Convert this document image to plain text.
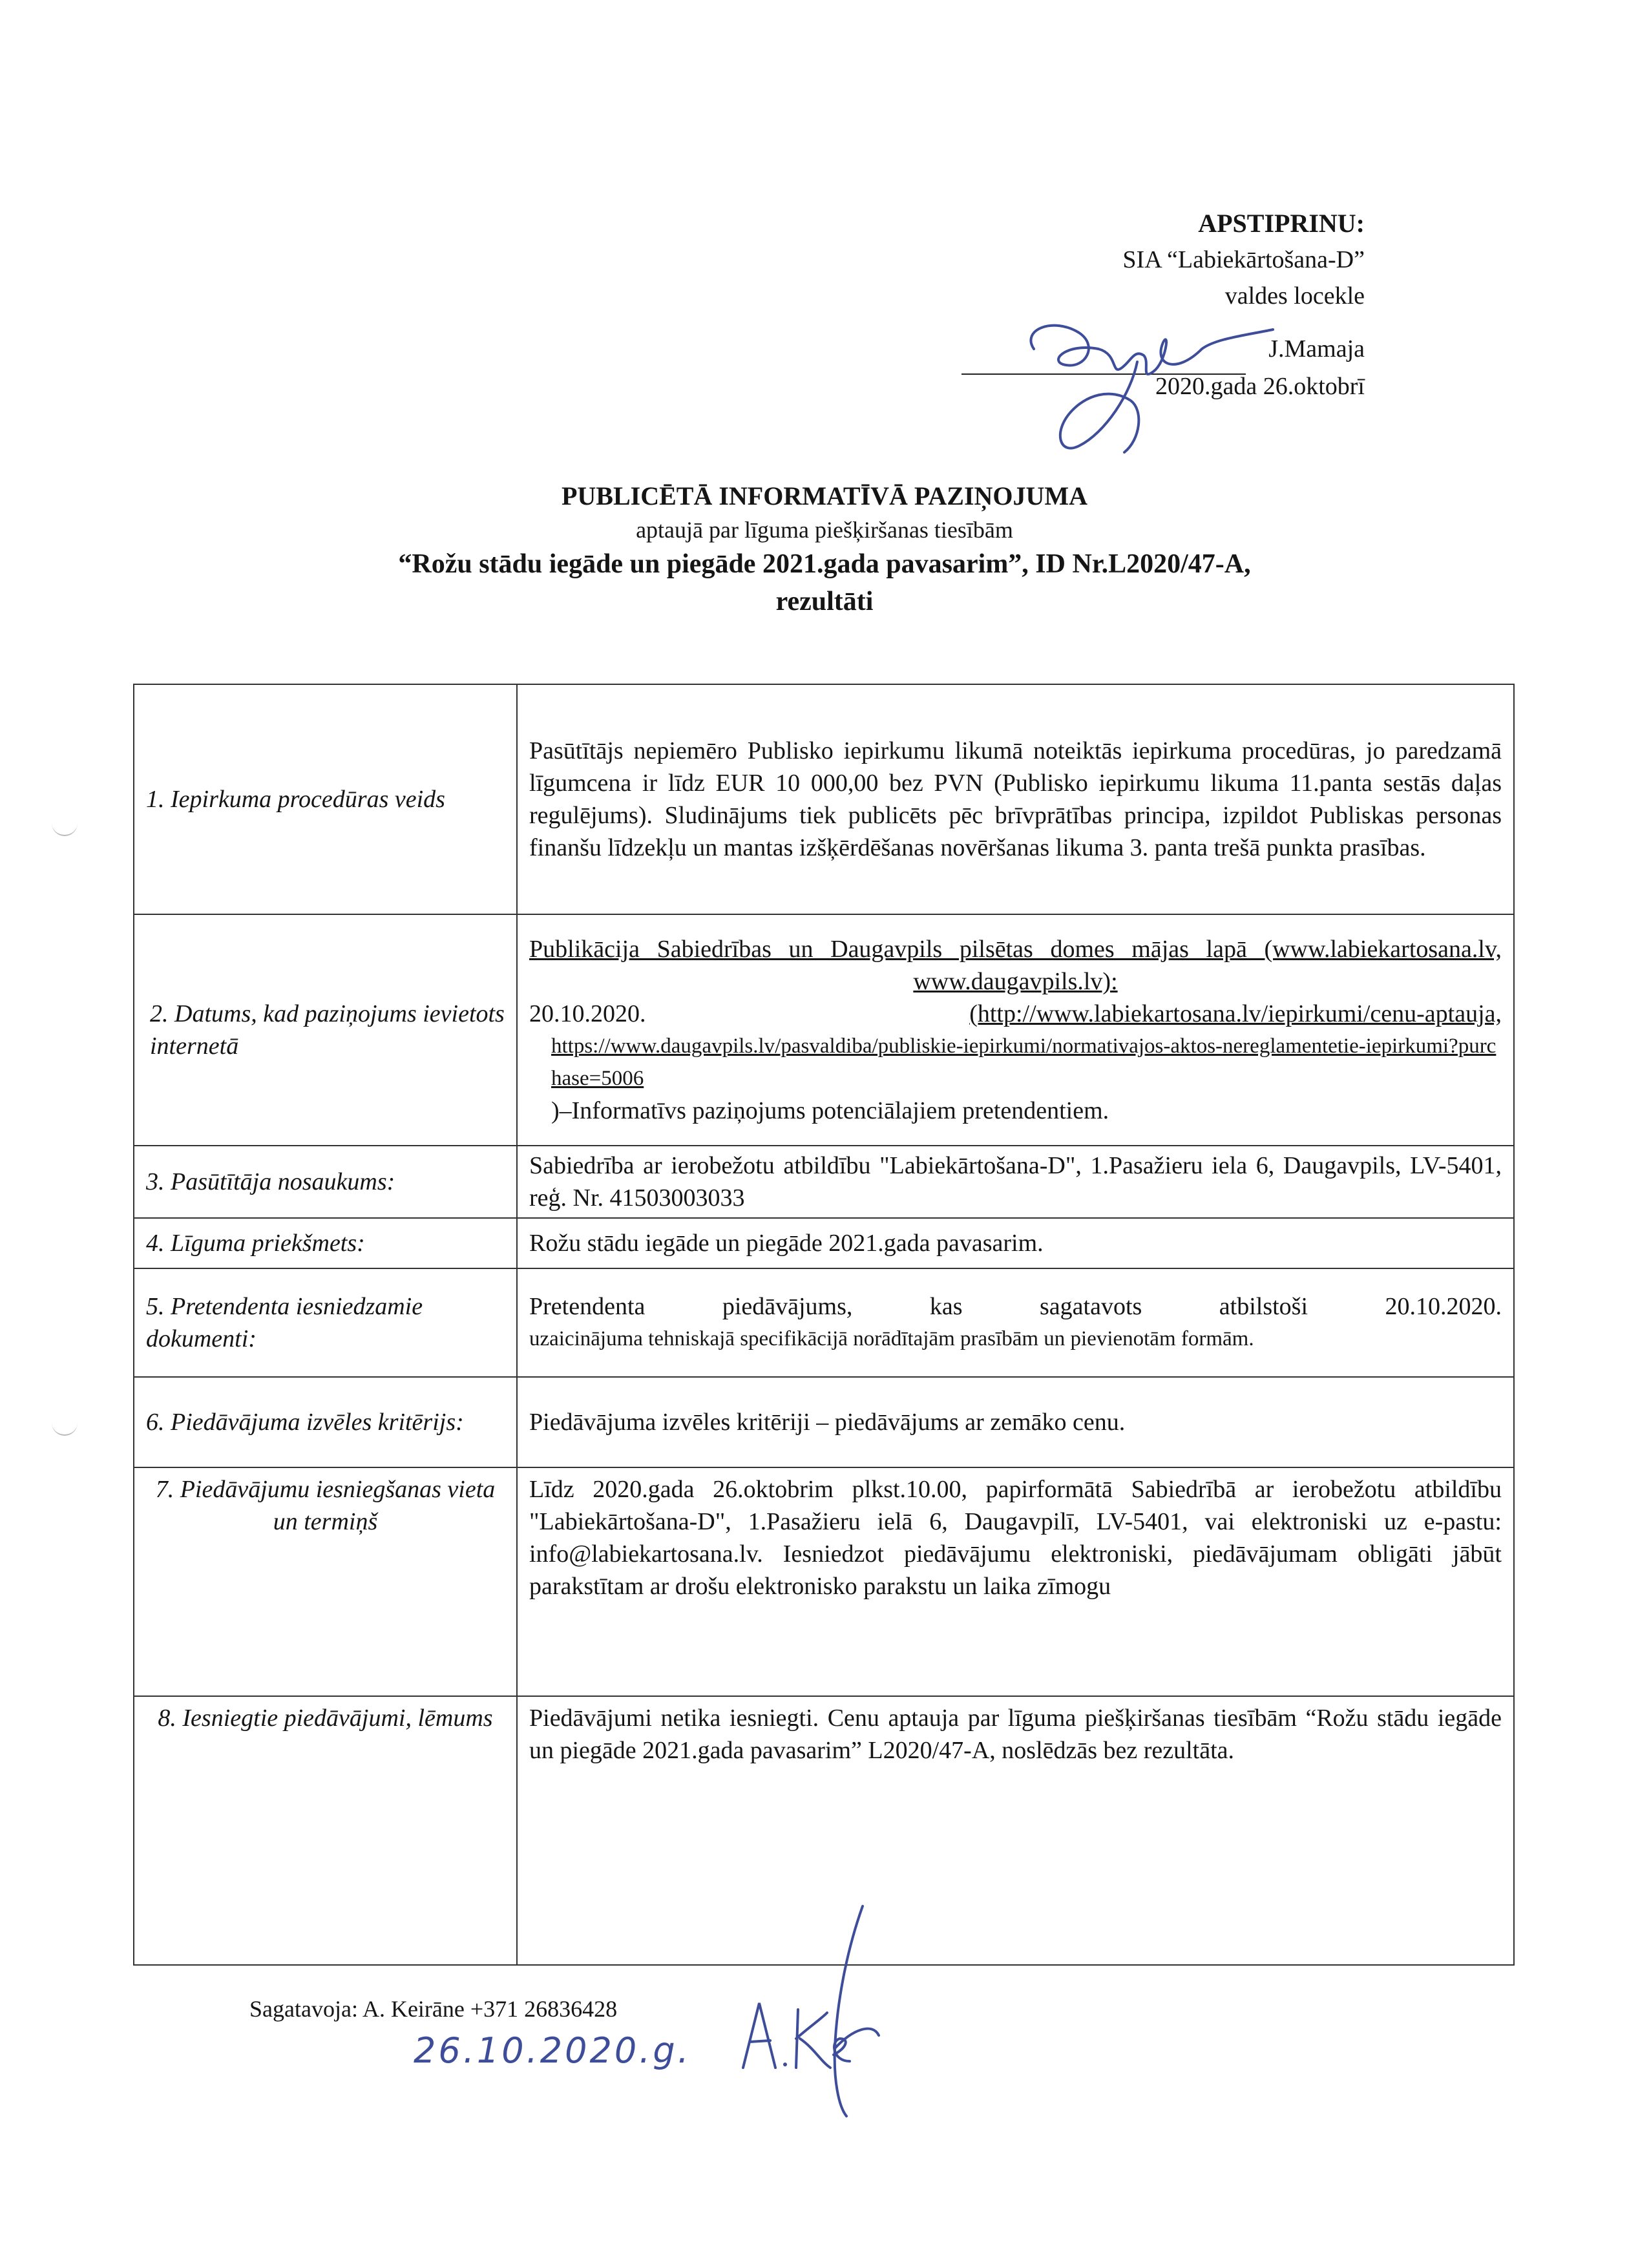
APSTIPRINU:
SIA “Labiekārtošana-D”
valdes locekle
J.Mamaja
2020.gada 26.oktobrī
PUBLICĒTĀ INFORMATĪVĀ PAZIŅOJUMA
aptaujā par līguma piešķiršanas tiesībām
“Rožu stādu iegāde un piegāde 2021.gada pavasarim”, ID Nr.L2020/47-A,
rezultāti
1. Iepirkuma procedūras veids	Pasūtītājs nepiemēro Publisko iepirkumu likumā noteiktās iepirkuma procedūras, jo paredzamā līgumcena ir līdz EUR 10 000,00 bez PVN (Publisko iepirkumu likuma 11.panta sestās daļas regulējums). Sludinājums tiek publicēts pēc brīvprātības principa, izpildot Publiskas personas finanšu līdzekļu un mantas izšķērdēšanas novēršanas likuma 3. panta trešā punkta prasības.
2. Datums, kad paziņojums ievietots internetā	Publikācija Sabiedrības un Daugavpils pilsētas domes mājas lapā (www.labiekartosana.lv, www.daugavpils.lv):
20.10.2020. (http://www.labiekartosana.lv/iepirkumi/cenu-aptauja,
https://www.daugavpils.lv/pasvaldiba/publiskie-iepirkumi/normativajos-aktos-nereglamentetie-iepirkumi?purchase=5006
)–Informatīvs paziņojums potenciālajiem pretendentiem.

3. Pasūtītāja nosaukums:	Sabiedrība ar ierobežotu atbildību "Labiekārtošana-D", 1.Pasažieru iela 6, Daugavpils, LV-5401, reģ. Nr. 41503003033
4. Līguma priekšmets:	Rožu stādu iegāde un piegāde 2021.gada pavasarim.
5. Pretendenta iesniedzamie dokumenti:	Pretendenta piedāvājums, kas sagatavots atbilstoši 20.10.2020.
uzaicinājuma tehniskajā specifikācijā norādītajām prasībām un pievienotām formām.

6. Piedāvājuma izvēles kritērijs:	Piedāvājuma izvēles kritēriji – piedāvājums ar zemāko cenu.
7. Piedāvājumu iesniegšanas vieta un termiņš	Līdz 2020.gada 26.oktobrim plkst.10.00, papirformātā Sabiedrībā ar ierobežotu atbildību "Labiekārtošana-D", 1.Pasažieru ielā 6, Daugavpilī, LV-5401, vai elektroniski uz e-pastu: info@labiekartosana.lv. Iesniedzot piedāvājumu elektroniski, piedāvājumam obligāti jābūt parakstītam ar drošu elektronisko parakstu un laika zīmogu
8. Iesniegtie piedāvājumi, lēmums	Piedāvājumi netika iesniegti. Cenu aptauja par līguma piešķiršanas tiesībām “Rožu stādu iegāde un piegāde 2021.gada pavasarim” L2020/47-A, noslēdzās bez rezultāta.
Sagatavoja: A. Keirāne +371 26836428
26.10.2020.g.
